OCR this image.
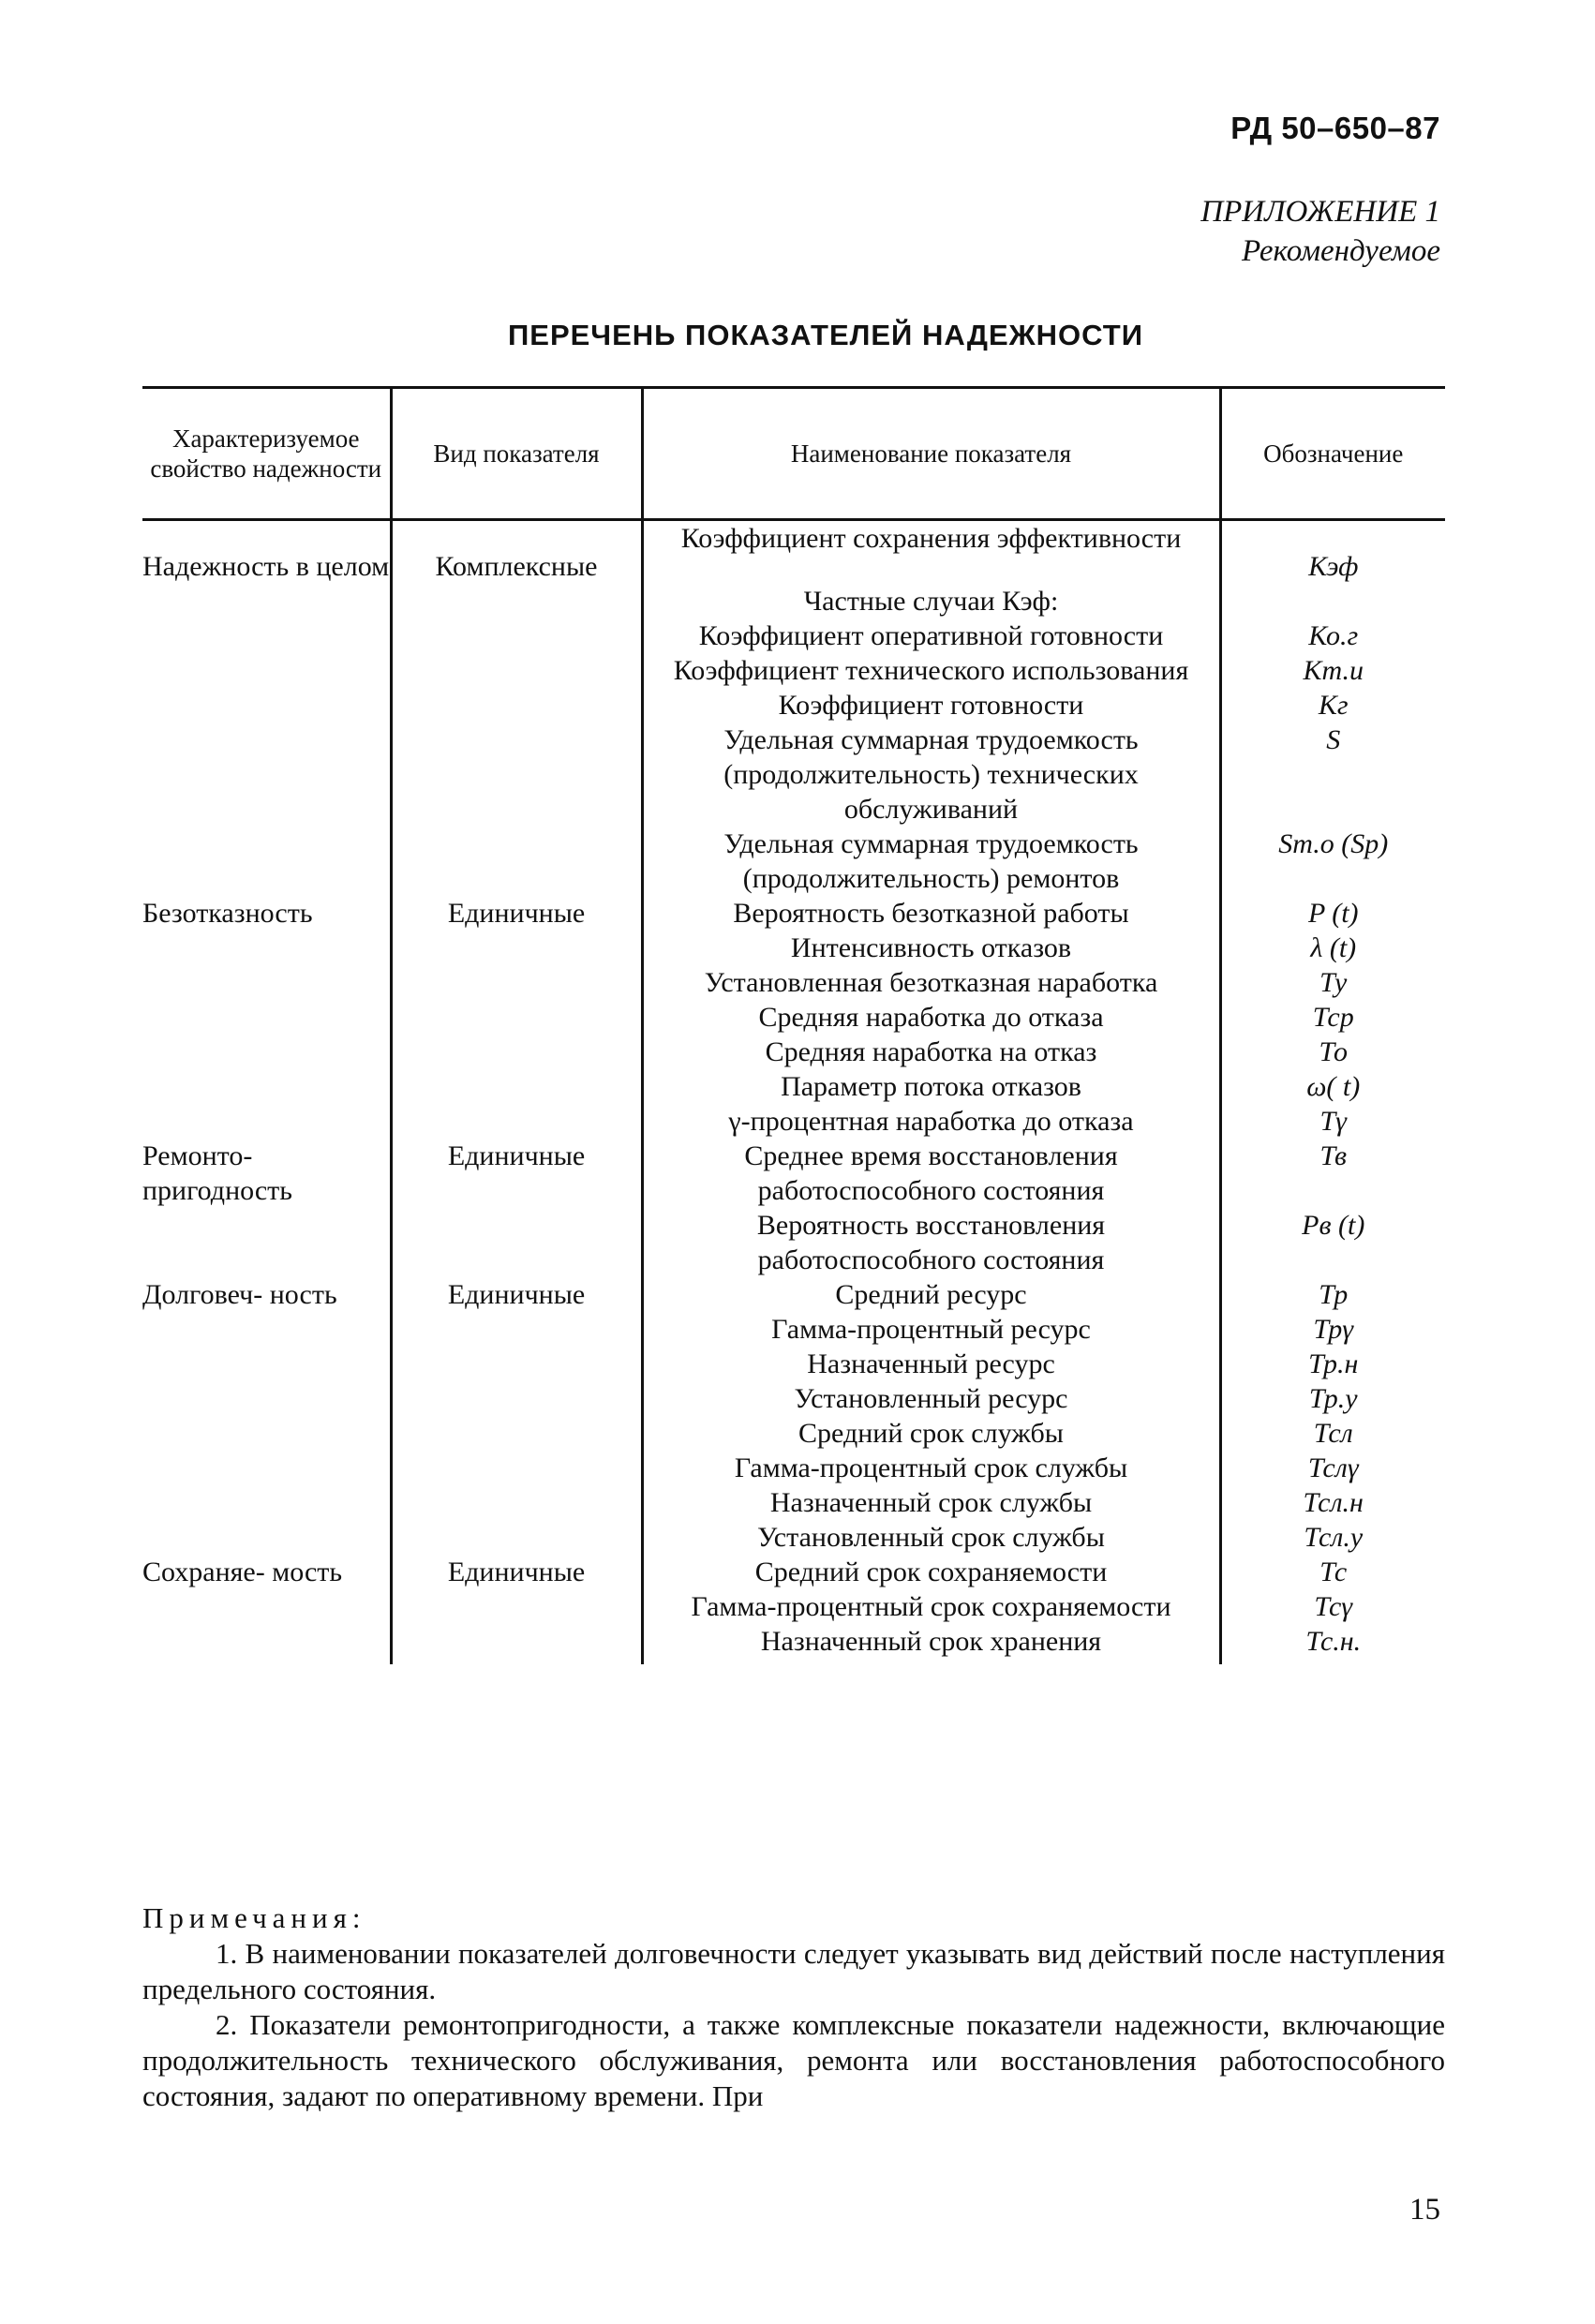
РД 50–650–87
ПРИЛОЖЕНИЕ 1
Рекомендуемое
ПЕРЕЧЕНЬ ПОКАЗАТЕЛЕЙ НАДЕЖНОСТИ
Характеризуемое свойство надежности	Вид показателя	Наименование показателя	Обозначение
Надежность в целом	Комплексные	Коэффициент сохранения эффективности	Кэф
		Частные случаи Кэф:	
		Коэффициент оперативной готовности	Ко.г
		Коэффициент технического использования	Кт.и
		Коэффициент готовности	Кг
		Удельная суммарная трудоемкость (продолжительность) технических обслуживаний	S
		Удельная суммарная трудоемкость (продолжительность) ремонтов	Sт.о (Sр)
Безотказность	Единичные	Вероятность безотказной работы	P (t)
		Интенсивность отказов	λ (t)
		Установленная безотказная наработка	Ту
		Средняя наработка до отказа	Тср
		Средняя наработка на отказ	То
		Параметр потока отказов	ω( t)
		γ-процентная наработка до отказа	Тγ
Ремонто- пригодность	Единичные	Среднее время восстановления работоспособного состояния	Тв
		Вероятность восстановления работоспособного состояния	Рв (t)
Долговеч- ность	Единичные	Средний ресурс	Тр
		Гамма-процентный ресурс	Трγ
		Назначенный ресурс	Тр.н
		Установленный ресурс	Тр.у
		Средний срок службы	Тсл
		Гамма-процентный срок службы	Тслγ
		Назначенный срок службы	Тсл.н
		Установленный срок службы	Тсл.у
Сохраняе- мость	Единичные	Средний срок сохраняемости	Тс
		Гамма-процентный срок сохраняемости	Тсγ
		Назначенный срок хранения	Тс.н.
Примечания:

1. В наименовании показателей долговечности следует указывать вид действий после наступления предельного состояния.

2. Показатели ремонтопригодности, а также комплексные показатели надежности, включающие продолжительность технического обслуживания, ремонта или восстановления работоспособного состояния, задают по оперативному времени. При

15
